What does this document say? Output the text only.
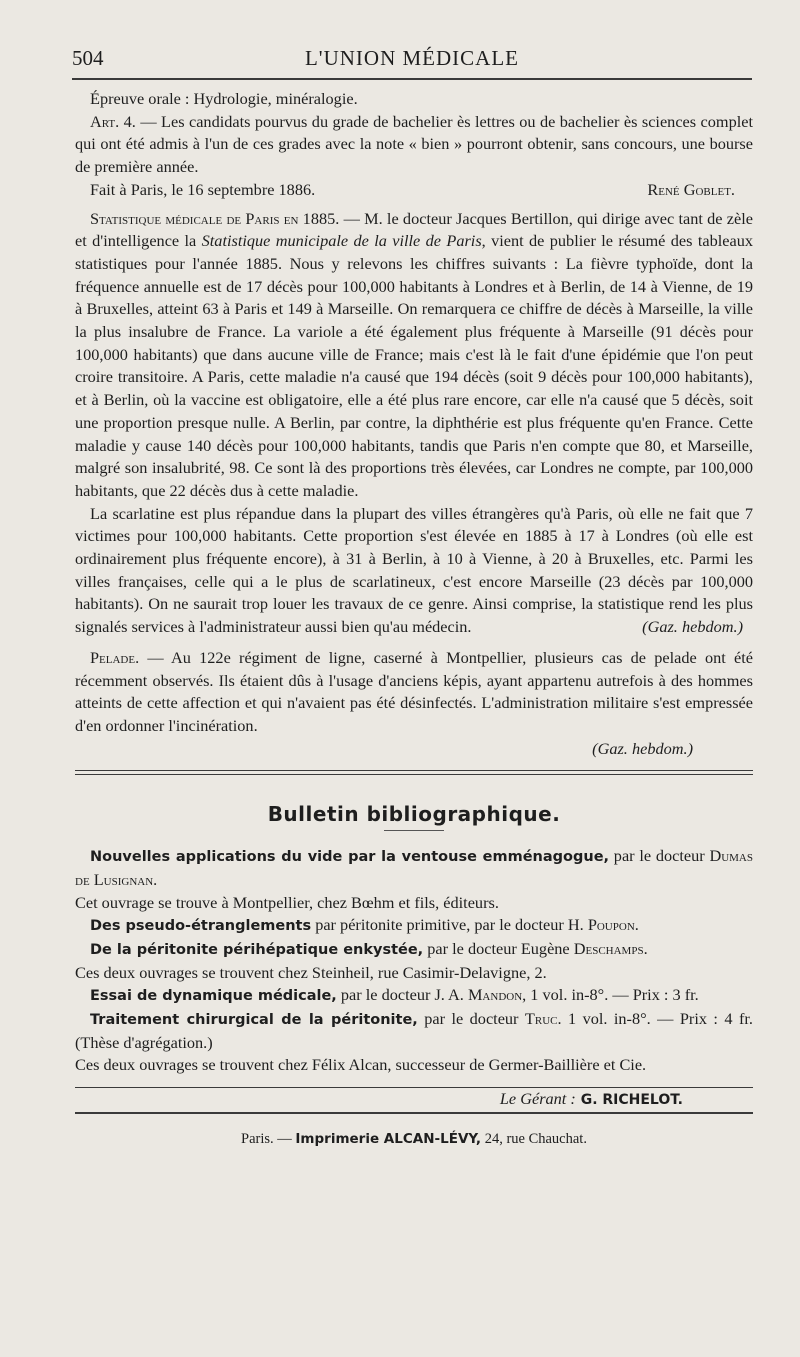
504	L'UNION MÉDICALE

Épreuve orale : Hydrologie, minéralogie.

Art. 4. — Les candidats pourvus du grade de bachelier ès lettres ou de bachelier ès sciences complet qui ont été admis à l'un de ces grades avec la note « bien » pourront obtenir, sans concours, une bourse de première année.

Fait à Paris, le 16 septembre 1886.	René Goblet.

Statistique médicale de Paris en 1885. — M. le docteur Jacques Bertillon, qui dirige avec tant de zèle et d'intelligence la Statistique municipale de la ville de Paris, vient de publier le résumé des tableaux statistiques pour l'année 1885. Nous y relevons les chiffres suivants : La fièvre typhoïde, dont la fréquence annuelle est de 17 décès pour 100,000 habitants à Londres et à Berlin, de 14 à Vienne, de 19 à Bruxelles, atteint 63 à Paris et 149 à Marseille. On remarquera ce chiffre de décès à Marseille, la ville la plus insalubre de France. La variole a été également plus fréquente à Marseille (91 décès pour 100,000 habitants) que dans aucune ville de France; mais c'est là le fait d'une épidémie que l'on peut croire transitoire. A Paris, cette maladie n'a causé que 194 décès (soit 9 décès pour 100,000 habitants), et à Berlin, où la vaccine est obligatoire, elle a été plus rare encore, car elle n'a causé que 5 décès, soit une proportion presque nulle. A Berlin, par contre, la diphthérie est plus fréquente qu'en France. Cette maladie y cause 140 décès pour 100,000 habitants, tandis que Paris n'en compte que 80, et Marseille, malgré son insalubrité, 98. Ce sont là des proportions très élevées, car Londres ne compte, par 100,000 habitants, que 22 décès dus à cette maladie.

La scarlatine est plus répandue dans la plupart des villes étrangères qu'à Paris, où elle ne fait que 7 victimes pour 100,000 habitants. Cette proportion s'est élevée en 1885 à 17 à Londres (où elle est ordinairement plus fréquente encore), à 31 à Berlin, à 10 à Vienne, à 20 à Bruxelles, etc. Parmi les villes françaises, celle qui a le plus de scarlatineux, c'est encore Marseille (23 décès par 100,000 habitants). On ne saurait trop louer les travaux de ce genre. Ainsi comprise, la statistique rend les plus signalés services à l'administrateur aussi bien qu'au médecin.	(Gaz. hebdom.)

Pelade. — Au 122e régiment de ligne, caserné à Montpellier, plusieurs cas de pelade ont été récemment observés. Ils étaient dûs à l'usage d'anciens képis, ayant appartenu autrefois à des hommes atteints de cette affection et qui n'avaient pas été désinfectés. L'administration militaire s'est empressée d'en ordonner l'incinération.

(Gaz. hebdom.)

Bulletin bibliographique.

Nouvelles applications du vide par la ventouse emménagogue, par le docteur Dumas de Lusignan.
Cet ouvrage se trouve à Montpellier, chez Bœhm et fils, éditeurs.

Des pseudo-étranglements par péritonite primitive, par le docteur H. Poupon.

De la péritonite périhépatique enkystée, par le docteur Eugène Deschamps.
Ces deux ouvrages se trouvent chez Steinheil, rue Casimir-Delavigne, 2.

Essai de dynamique médicale, par le docteur J. A. Mandon, 1 vol. in-8°. — Prix : 3 fr.

Traitement chirurgical de la péritonite, par le docteur Truc. 1 vol. in-8°. — Prix : 4 fr. (Thèse d'agrégation.)
Ces deux ouvrages se trouvent chez Félix Alcan, successeur de Germer-Baillière et Cie.

Le Gérant : G. RICHELOT.

Paris. — Imprimerie ALCAN-LÉVY, 24, rue Chauchat.
